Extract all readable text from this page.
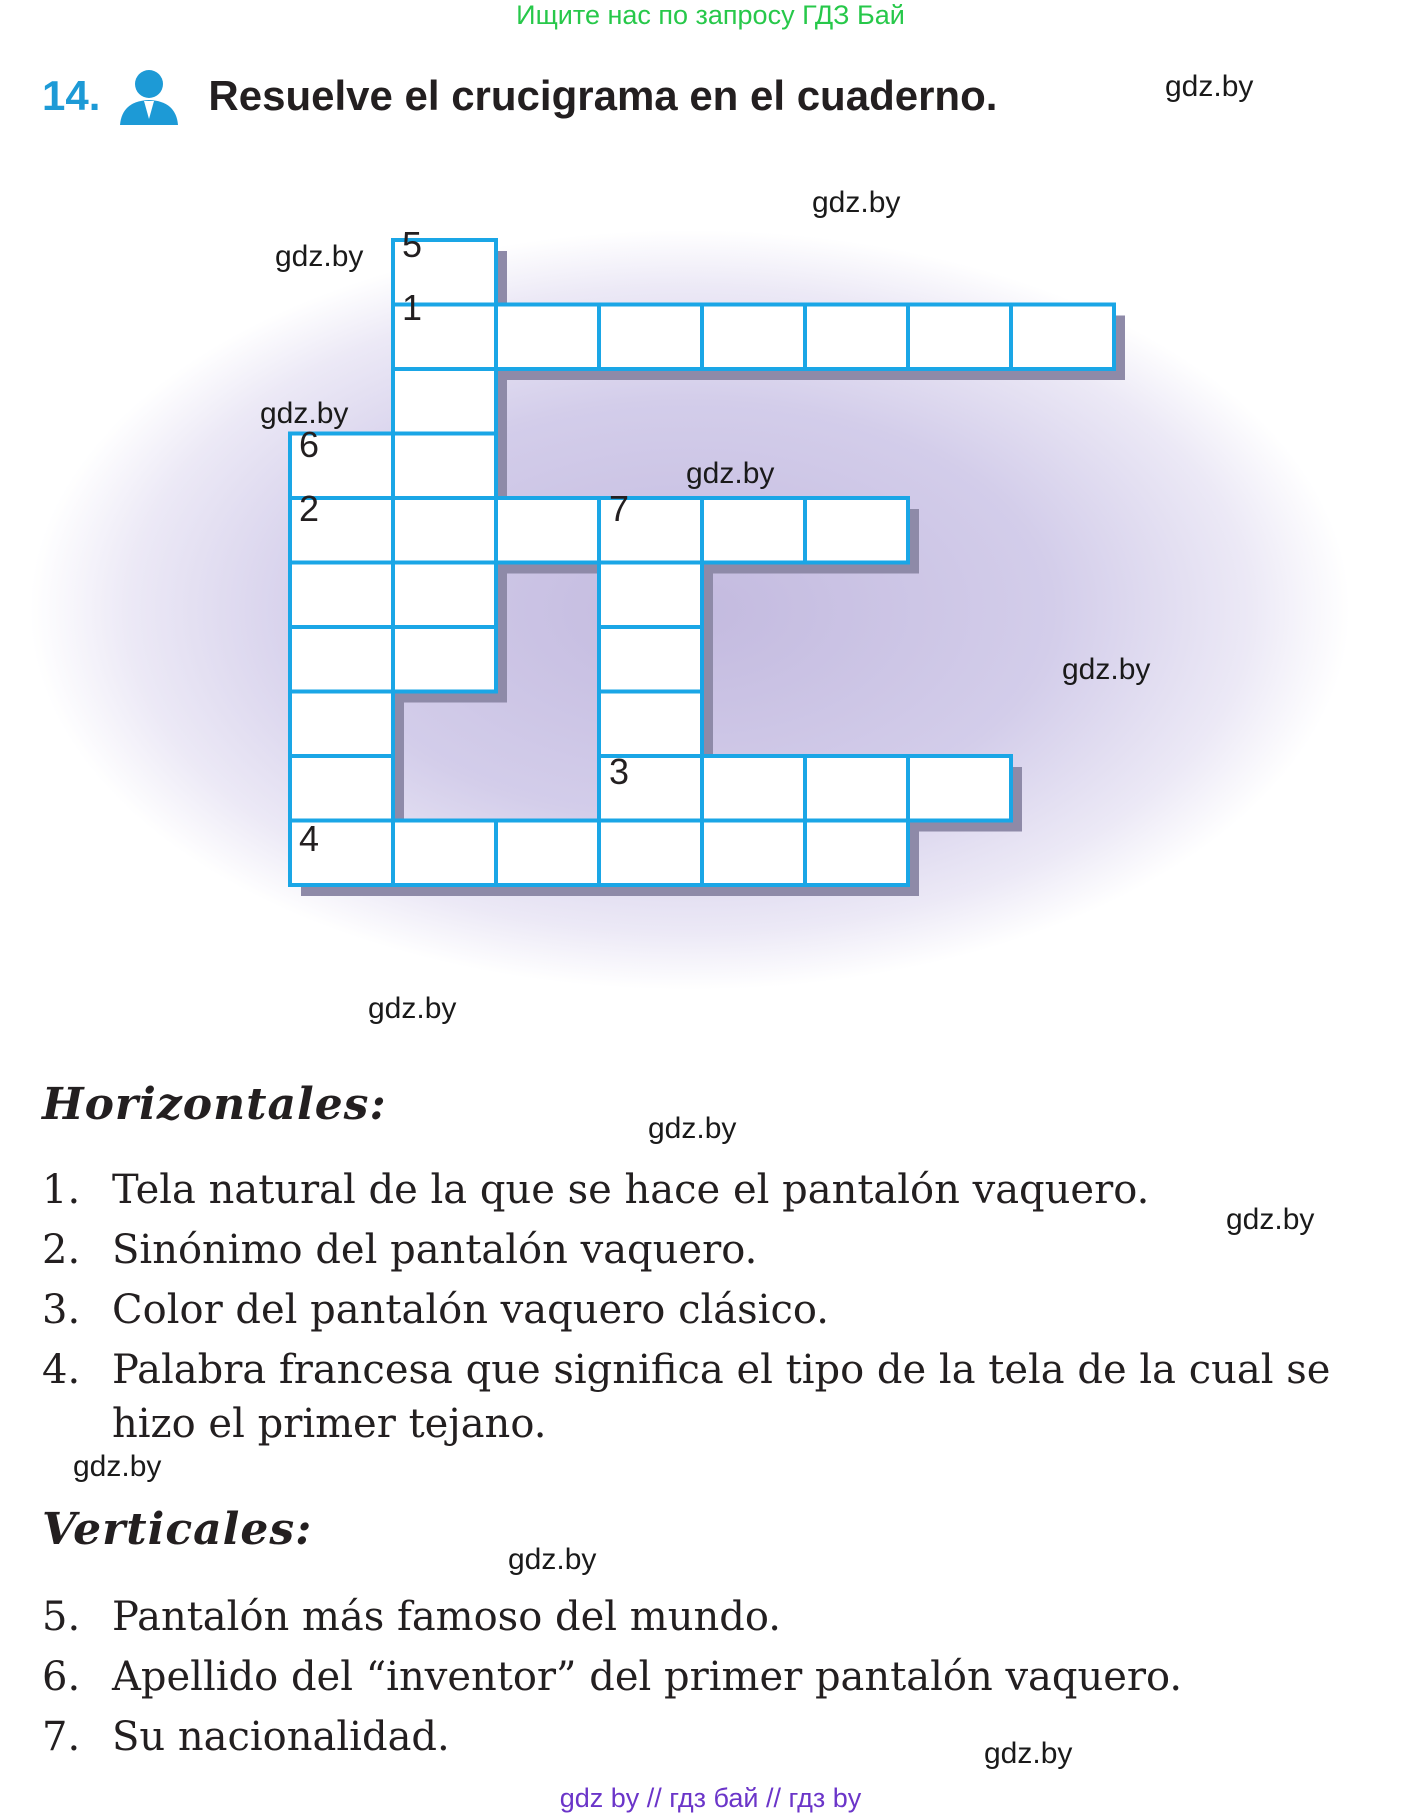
Ищите нас по запросу ГДЗ Бай
14.	Resuelve el crucigrama en el cuaderno.
5
1
6
2	7
3
4
gdz.by
gdz.by
gdz.by
gdz.by
gdz.by
gdz.by
gdz.by
gdz.by
gdz.by
gdz.by
gdz.by
gdz.by
Horizontales:
1. Tela natural de la que se hace el pantalón vaquero.
2. Sinónimo del pantalón vaquero.
3. Color del pantalón vaquero clásico.
4. Palabra francesa que significa el tipo de la tela de la cual se hizo el primer tejano.
Verticales:
5. Pantalón más famoso del mundo.
6. Apellido del “inventor” del primer pantalón vaquero.
7. Su nacionalidad.
gdz by // гдз бай // гдз by
